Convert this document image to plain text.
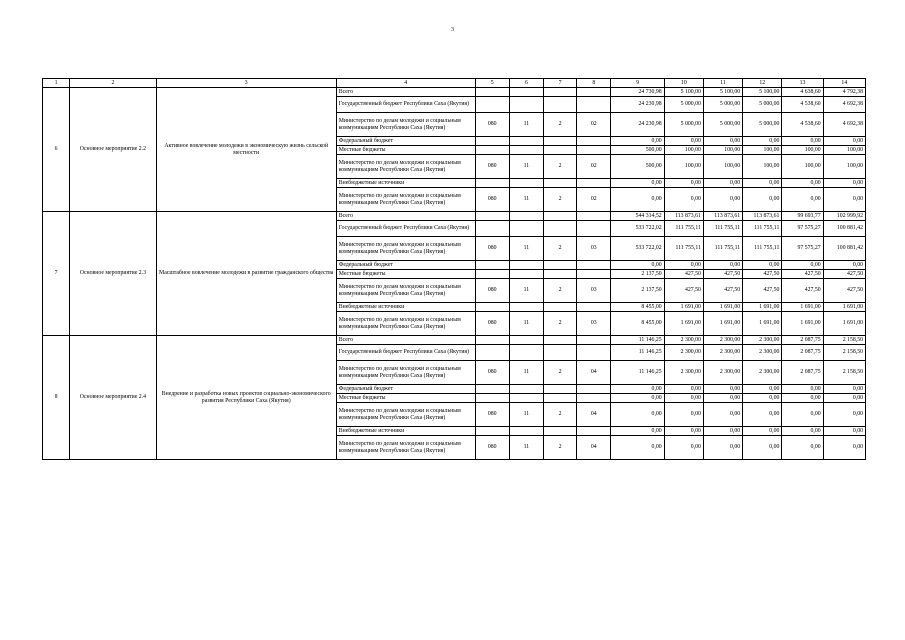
3
1	2	3	4	5	6	7	8	9	10	11	12	13	14
6	Основное мероприятие 2.2	Активное вовлечение молодежи в экономическую жизнь сельской местности	Всего					24 730,98	5 100,00	5 100,00	5 100,00	4 638,60	4 792,38
			Государственный бюджет Республики Саха (Якутия)					24 230,98	5 000,00	5 000,00	5 000,00	4 538,60	4 692,38
			Министерство по делам молодежи и социальным коммуникациям Республики Саха (Якутия)	080	11	2	02	24 230,98	5 000,00	5 000,00	5 000,00	4 538,60	4 692,38
			Федеральный бюджет					0,00	0,00	0,00	0,00	0,00	0,00
			Местные бюджеты					500,00	100,00	100,00	100,00	100,00	100,00
			Министерство по делам молодежи и социальным коммуникациям Республики Саха (Якутия)	080	11	2	02	500,00	100,00	100,00	100,00	100,00	100,00
			Внебюджетные источники					0,00	0,00	0,00	0,00	0,00	0,00
			Министерство по делам молодежи и социальным коммуникациям Республики Саха (Якутия)	080	11	2	02	0,00	0,00	0,00	0,00	0,00	0,00
7	Основное мероприятие 2.3	Масштабное вовлечение молодежи в развитие гражданского общества	Всего					544 314,52	113 873,61	113 873,61	113 873,61	99 693,77	102 999,92
			Государственный бюджет Республики Саха (Якутия)					533 722,02	111 755,11	111 755,11	111 755,11	97 575,27	100 881,42
			Министерство по делам молодежи и социальным коммуникациям Республики Саха (Якутия)	080	11	2	03	533 722,02	111 755,11	111 755,11	111 755,11	97 575,27	100 881,42
			Федеральный бюджет					0,00	0,00	0,00	0,00	0,00	0,00
			Местные бюджеты					2 137,50	427,50	427,50	427,50	427,50	427,50
			Министерство по делам молодежи и социальным коммуникациям Республики Саха (Якутия)	080	11	2	03	2 137,50	427,50	427,50	427,50	427,50	427,50
			Внебюджетные источники					8 455,00	1 691,00	1 691,00	1 691,00	1 691,00	1 691,00
			Министерство по делам молодежи и социальным коммуникациям Республики Саха (Якутия)	080	11	2	03	8 455,00	1 691,00	1 691,00	1 691,00	1 691,00	1 691,00
8	Основное мероприятие 2.4	Внедрение и разработка новых проектов социально-экономического развития Республики Саха (Якутия)	Всего					11 146,25	2 300,00	2 300,00	2 300,00	2 087,75	2 158,50
			Государственный бюджет Республики Саха (Якутия)					11 146,25	2 300,00	2 300,00	2 300,00	2 087,75	2 158,50
			Министерство по делам молодежи и социальным коммуникациям Республики Саха (Якутия)	080	11	2	04	11 146,25	2 300,00	2 300,00	2 300,00	2 087,75	2 158,50
			Федеральный бюджет					0,00	0,00	0,00	0,00	0,00	0,00
			Местные бюджеты					0,00	0,00	0,00	0,00	0,00	0,00
			Министерство по делам молодежи и социальным коммуникациям Республики Саха (Якутия)	080	11	2	04	0,00	0,00	0,00	0,00	0,00	0,00
			Внебюджетные источники					0,00	0,00	0,00	0,00	0,00	0,00
			Министерство по делам молодежи и социальным коммуникациям Республики Саха (Якутия)	080	11	2	04	0,00	0,00	0,00	0,00	0,00	0,00
